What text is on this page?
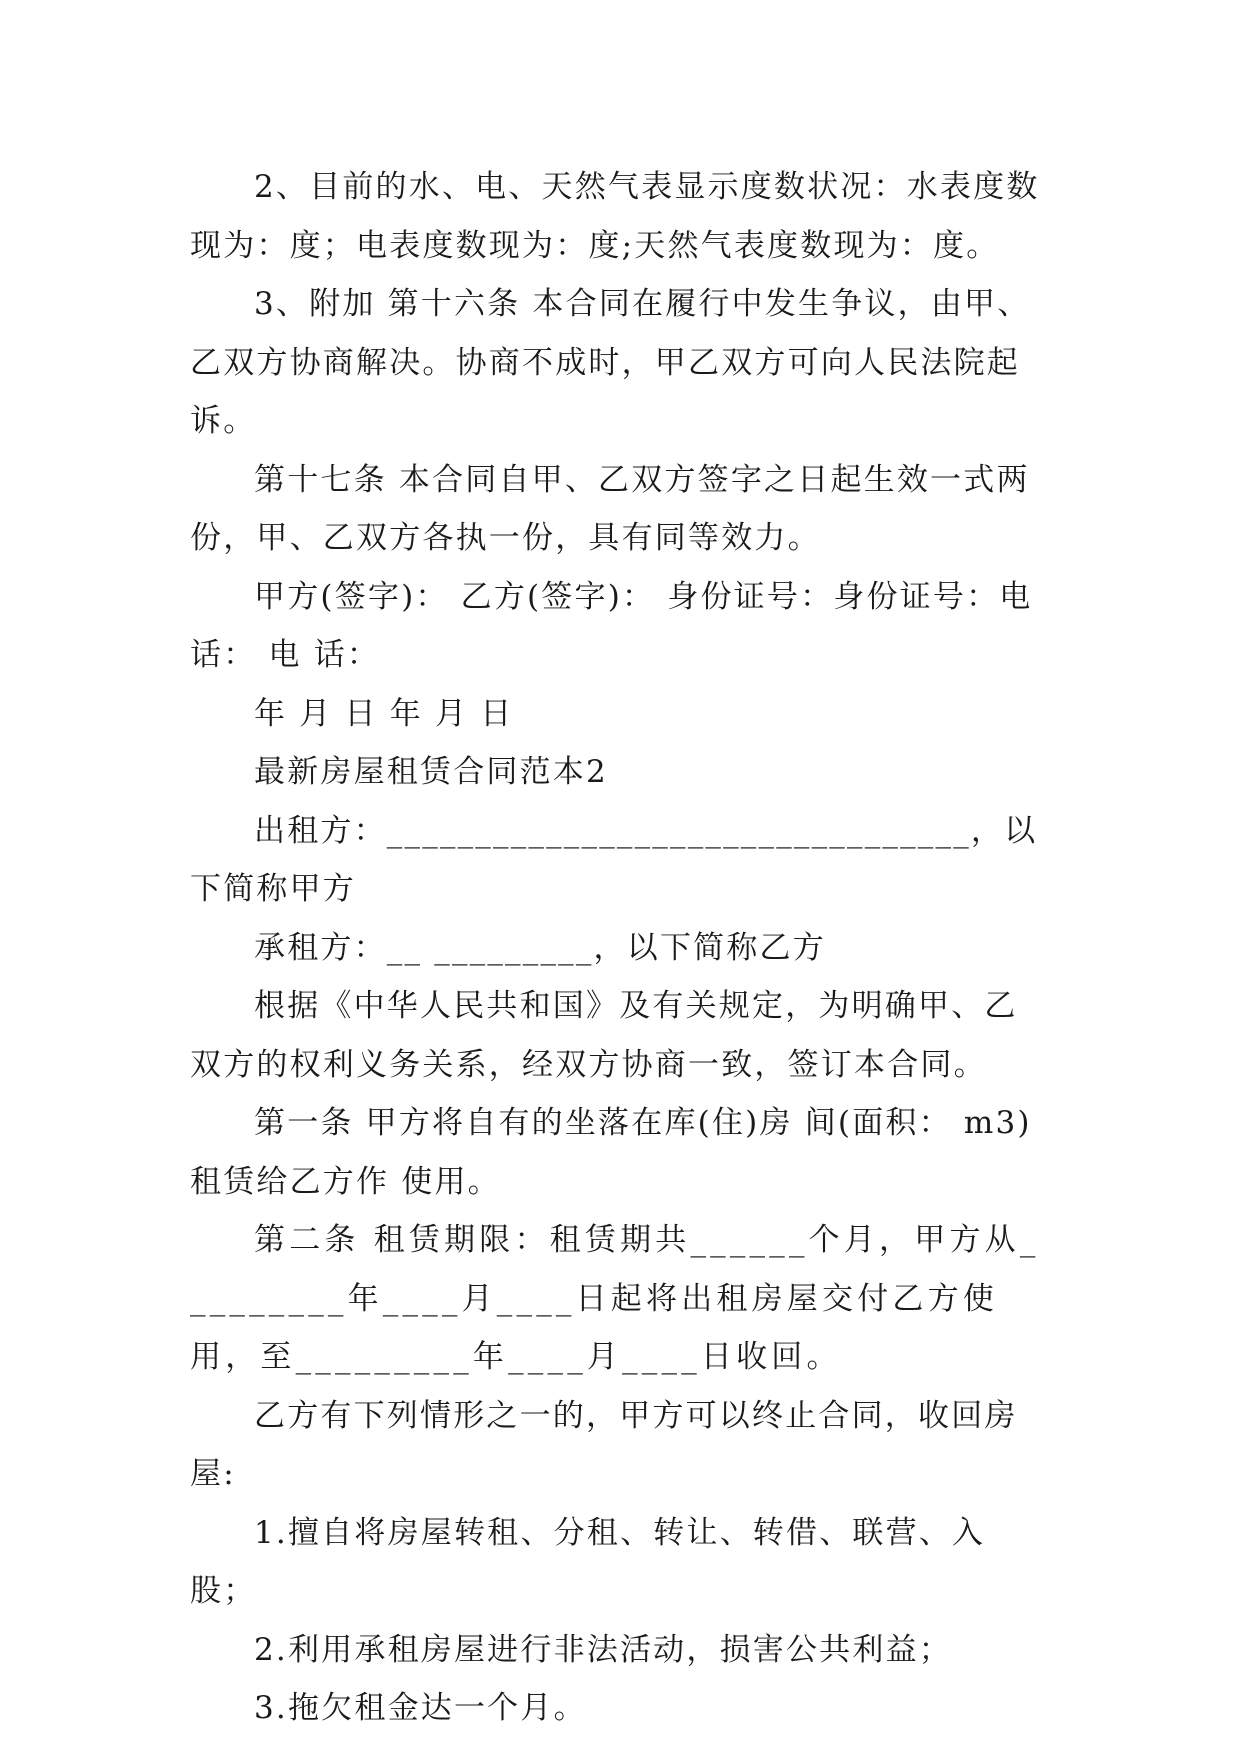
2、目前的水、电、天然气表显示度数状况：水表度数现为：度；电表度数现为：度;天然气表度数现为：度。

3、附加 第十六条 本合同在履行中发生争议，由甲、乙双方协商解决。协商不成时，甲乙双方可向人民法院起诉。

第十七条 本合同自甲、乙双方签字之日起生效一式两份，甲、乙双方各执一份，具有同等效力。

甲方(签字)： 乙方(签字)： 身份证号：身份证号：电话： 电 话：

年 月 日 年 月 日

最新房屋租赁合同范本2

出租方：_________________________________，以下简称甲方

承租方：__ _________，以下简称乙方

根据《中华人民共和国》及有关规定，为明确甲、乙双方的权利义务关系，经双方协商一致，签订本合同。

第一条 甲方将自有的坐落在库(住)房 间(面积： m3)租赁给乙方作 使用。

第二条 租赁期限：租赁期共______个月，甲方从_________年____月____日起将出租房屋交付乙方使用，至_________年____月____日收回。

乙方有下列情形之一的，甲方可以终止合同，收回房屋:

1.擅自将房屋转租、分租、转让、转借、联营、入股；

2.利用承租房屋进行非法活动，损害公共利益；

3.拖欠租金达一个月。
